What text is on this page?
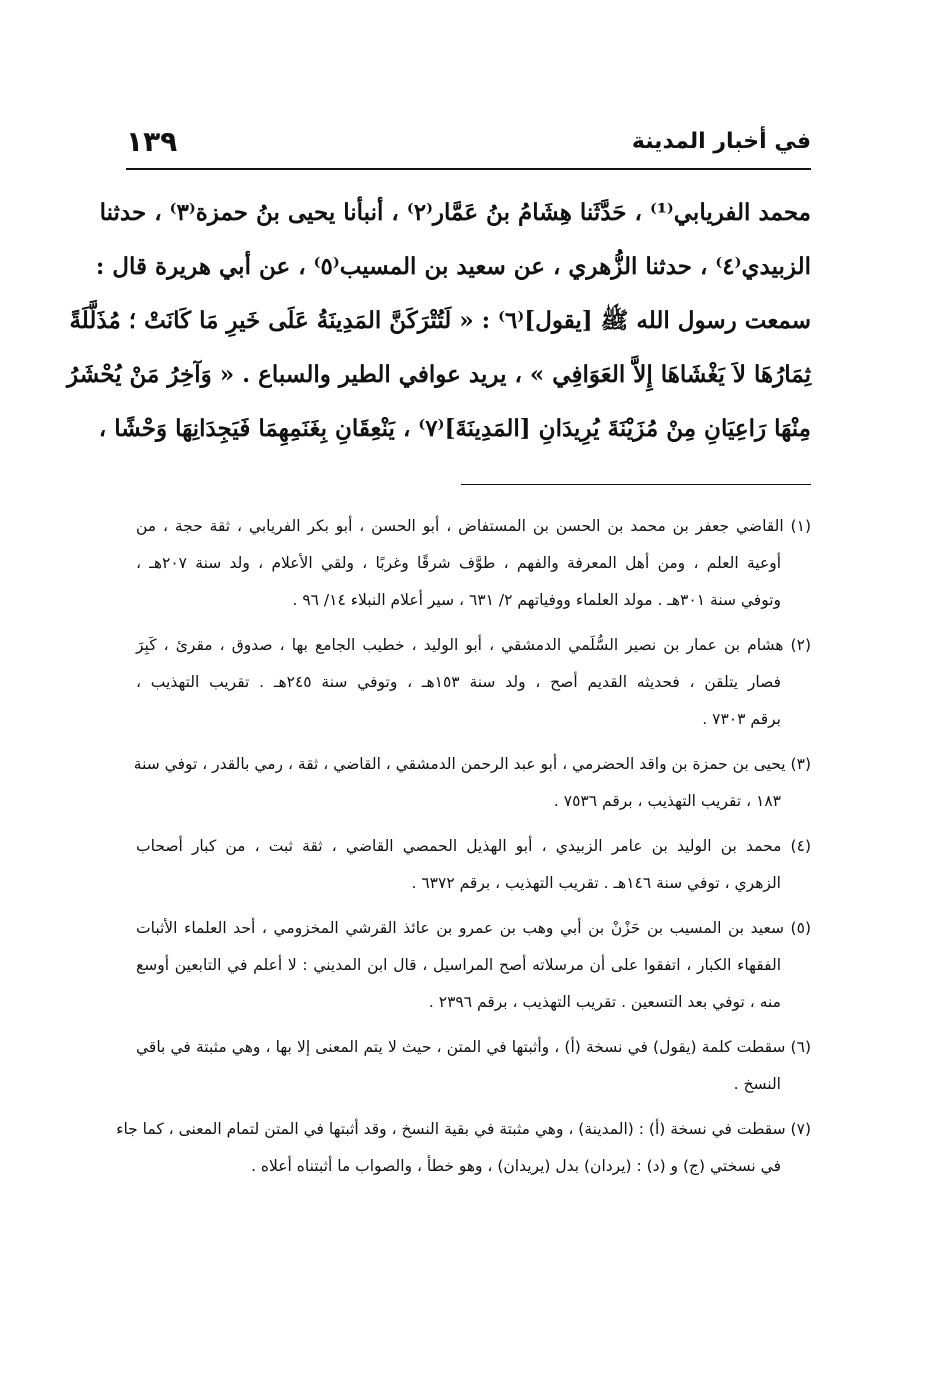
في أخبار المدينة
١٣٩
محمد الفريابي⁽¹⁾ ، حَدَّثَنا هِشَامُ بنُ عَمَّار⁽٢⁾ ، أنبأنا يحيى بنُ حمزة⁽٣⁾ ، حدثنا
الزبيدي⁽٤⁾ ، حدثنا الزُّهري ، عن سعيد بن المسيب⁽٥⁾ ، عن أبي هريرة قال :
سمعت رسول الله ﷺ [يقول]⁽٦⁾ : « لَتُتْرَكَنَّ المَدِينَةُ عَلَى خَيرِ مَا كَانَتْ ؛ مُذَلَّلَةً
ثِمَارُهَا لاَ يَغْشَاهَا إِلاَّ العَوَافِي » ، يريد عوافي الطير والسباع . « وَآخِرُ مَنْ يُحْشَرُ
مِنْهَا رَاعِيَانِ مِنْ مُزَيْنَةَ يُرِيدَانِ [المَدِينَةَ]⁽٧⁾ ، يَنْعِقَانِ بِغَنَمِهِمَا فَيَجِدَانِهَا وَحْشًا ،
(١) القاضي جعفر بن محمد بن الحسن بن المستفاض ، أبو الحسن ، أبو بكر الفريابي ، ثقة حجة ، من
أوعية العلم ، ومن أهل المعرفة والفهم ، طوَّف شرقًا وغربًا ، ولقي الأعلام ، ولد سنة ٢٠٧هـ ،
وتوفي سنة ٣٠١هـ . مولد العلماء ووفياتهم ٢/ ٦٣١ ، سير أعلام النبلاء ١٤/ ٩٦ .
(٢) هشام بن عمار بن نصير السُّلَمي الدمشقي ، أبو الوليد ، خطيب الجامع بها ، صدوق ، مقرئ ، كَبِرَ
فصار يتلقن ، فحديثه القديم أصح ، ولد سنة ١٥٣هـ ، وتوفي سنة ٢٤٥هـ . تقريب التهذيب ،
برقم ٧٣٠٣ .
(٣) يحيى بن حمزة بن واقد الحضرمي ، أبو عبد الرحمن الدمشقي ، القاضي ، ثقة ، رمي بالقدر ، توفي سنة
١٨٣ ، تقريب التهذيب ، برقم ٧٥٣٦ .
(٤) محمد بن الوليد بن عامر الزبيدي ، أبو الهذيل الحمصي القاضي ، ثقة ثبت ، من كبار أصحاب
الزهري ، توفي سنة ١٤٦هـ . تقريب التهذيب ، برقم ٦٣٧٢ .
(٥) سعيد بن المسيب بن حَزْنْ بن أبي وهب بن عمرو بن عائذ القرشي المخزومي ، أحد العلماء الأثبات
الفقهاء الكبار ، اتفقوا على أن مرسلاته أصح المراسيل ، قال ابن المديني : لا أعلم في التابعين أوسع
منه ، توفي بعد التسعين . تقريب التهذيب ، برقم ٢٣٩٦ .
(٦) سقطت كلمة (يقول) في نسخة (أ) ، وأثبتها في المتن ، حيث لا يتم المعنى إلا بها ، وهي مثبتة في باقي
النسخ .
(٧) سقطت في نسخة (أ) : (المدينة) ، وهي مثبتة في بقية النسخ ، وقد أثبتها في المتن لتمام المعنى ، كما جاء
في نسختي (ج) و (د) : (يردان) بدل (يريدان) ، وهو خطأ ، والصواب ما أثبتناه أعلاه .
